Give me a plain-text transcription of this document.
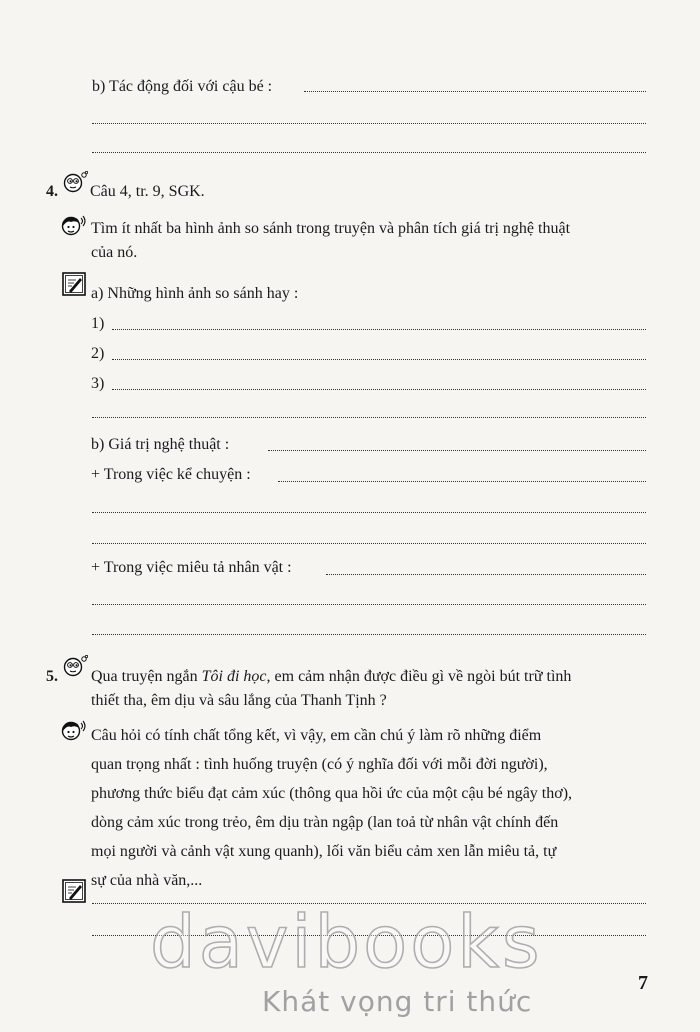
b) Tác động đối với cậu bé :
4. Câu 4, tr. 9, SGK.
Tìm ít nhất ba hình ảnh so sánh trong truyện và phân tích giá trị nghệ thuật
của nó.
a) Những hình ảnh so sánh hay :
1)
2)
3)
b) Giá trị nghệ thuật :
+ Trong việc kể chuyện :
+ Trong việc miêu tả nhân vật :
5. Qua truyện ngắn Tôi đi học, em cảm nhận được điều gì về ngòi bút trữ tình
thiết tha, êm dịu và sâu lắng của Thanh Tịnh ?
Câu hỏi có tính chất tổng kết, vì vậy, em cần chú ý làm rõ những điểm
quan trọng nhất : tình huống truyện (có ý nghĩa đối với mỗi đời người),
phương thức biểu đạt cảm xúc (thông qua hồi ức của một cậu bé ngây thơ),
dòng cảm xúc trong trẻo, êm dịu tràn ngập (lan toả từ nhân vật chính đến
mọi người và cảnh vật xung quanh), lối văn biểu cảm xen lẫn miêu tả, tự
sự của nhà văn,...
7
davibooks
Khát vọng tri thức
